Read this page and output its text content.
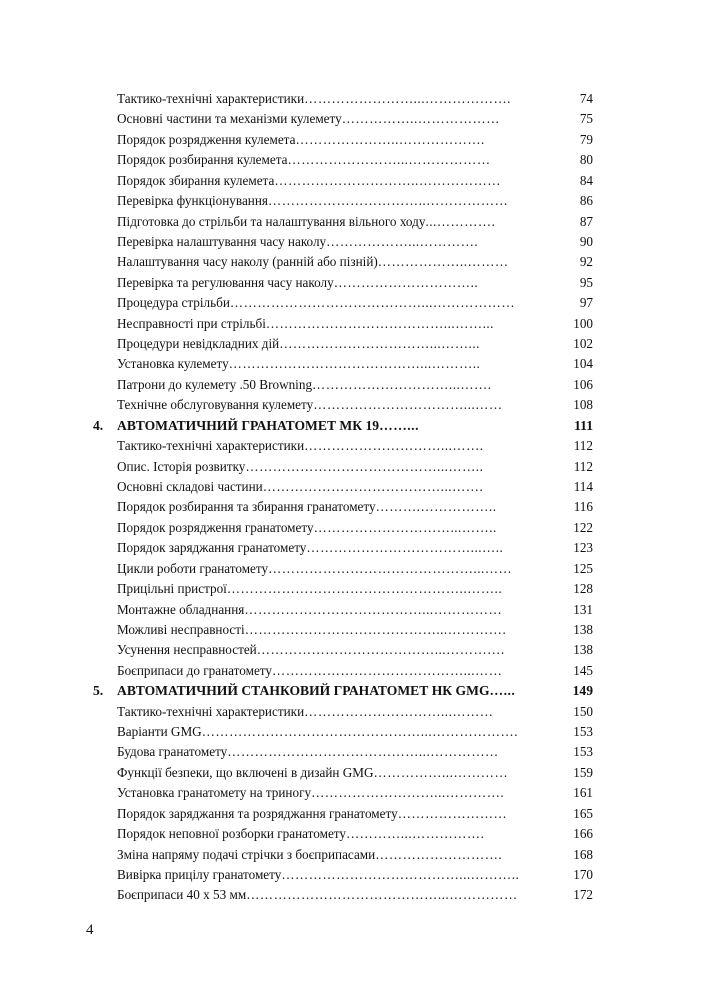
Тактико-технічні характеристики……………………...……………….	74
Основні частини та механізми кулемету……………..………………	75
Порядок розрядження кулемета…………………..……………….	79
Порядок розбирання кулемета……………………...………………	80
Порядок збирання кулемета…………………………..………………	84
Перевірка функціонування……………………………..………………	86
Підготовка до стрільби та налаштування вільного ходу...………….	87
Перевірка налаштування часу наколу………………...………….	90
Налаштування часу наколу (ранній або пізній)………………..………	92
Перевірка та регулювання часу наколу…………………………..	95
Процедура стрільби……………………………………...………………	97
Несправності при стрільбі…………………………………...……...	100
Процедури невідкладних дій……………………………...……...	102
Установка кулемету……………………………………...………..	104
Патрони до кулемету .50 Browning…………………………...…….	106
Технічне обслуговування кулемету……………………………...……	108
4. АВТОМАТИЧНИЙ ГРАНАТОМЕТ МК 19……...	111
Тактико-технічні характеристики…………………………...…….	112
Опис. Історія розвитку……………………………………...……..	112
Основні складові частини…………………………………...…….	114
Порядок розбирання та збирання гранатомету……….……………..	116
Порядок розрядження гранатомету…………………………...……..	122
Порядок заряджання гранатомету………………………………...…..	123
Цикли роботи гранатомету………………………………………...……	125
Прицільні пристрої……………………………………………..……..	128
Монтажне обладнання…………………………………...……………	131
Можливі несправності……………………………………...………….	138
Усунення несправностей…………………………………...………….	138
Боєприпаси до гранатомету……………………………………...……	145
5. АВТОМАТИЧНИЙ СТАНКОВИЙ ГРАНАТОМЕТ НК GMG…...	149
Тактико-технічні характеристики…………………………...………	150
Варіанти GMG…………………………………………...……………….	153
Будова гранатомету……………………………………...……………	153
Функції безпеки, що включені в дизайн GMG……………...…………	159
Установка гранатомету на триногу………………………...………….	161
Порядок заряджання та розряджання гранатомету……………………	165
Порядок неповної розборки гранатомету…………...…………….	166
Зміна напряму подачі стрічки з боєприпасами……………………….	168
Вивірка прицілу гранатомету…………………………………...………..	170
Боєприпаси 40 х 53 мм……………………………………...……………	172
4
